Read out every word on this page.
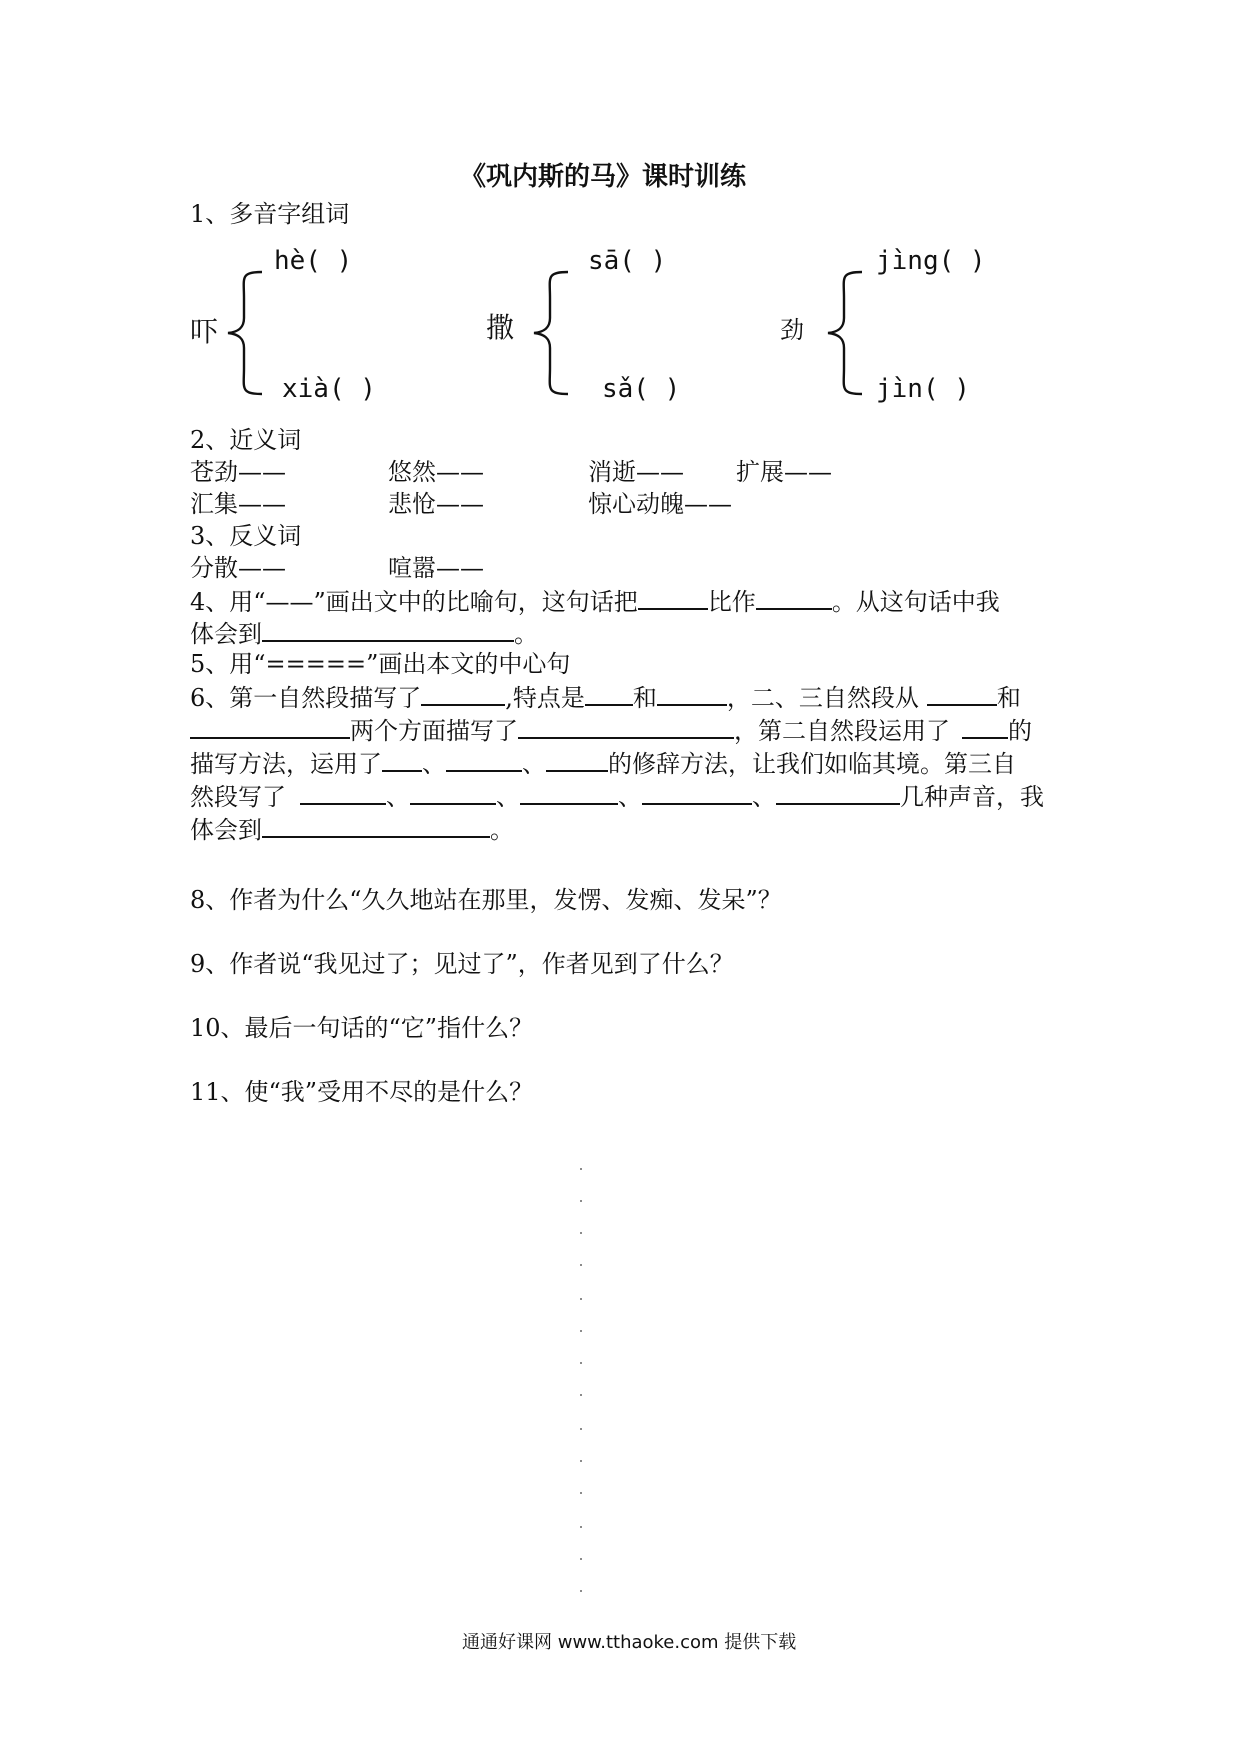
《巩内斯的马》课时训练
1、多音字组词
hè( )
吓
xià( )
sā( )
撒
sǎ( )
jìng( )
劲
jìn( )
2、近义词
苍劲——	悠然——	消逝—— 扩展——
汇集——	悲怆——	惊心动魄——
3、反义词
分散——	喧嚣——
4、用“——”画出文中的比喻句，这句话把	比作	。从这句话中我
体会到	。
5、用“=====”画出本文的中心句
6、第一自然段描写了	,特点是 和	，二、三自然段从	和
两个方面描写了	，第二自然段运用了 的
描写方法，运用了 、	、	的修辞方法，让我们如临其境。第三自
然段写了	、	、	、	、	几种声音，我
体会到	。
8、作者为什么“久久地站在那里，发愣、发痴、发呆”？
9、作者说“我见过了；见过了”，作者见到了什么？
10、最后一句话的“它”指什么？
11、使“我”受用不尽的是什么？
通通好课网 www.tthaoke.com 提供下载
